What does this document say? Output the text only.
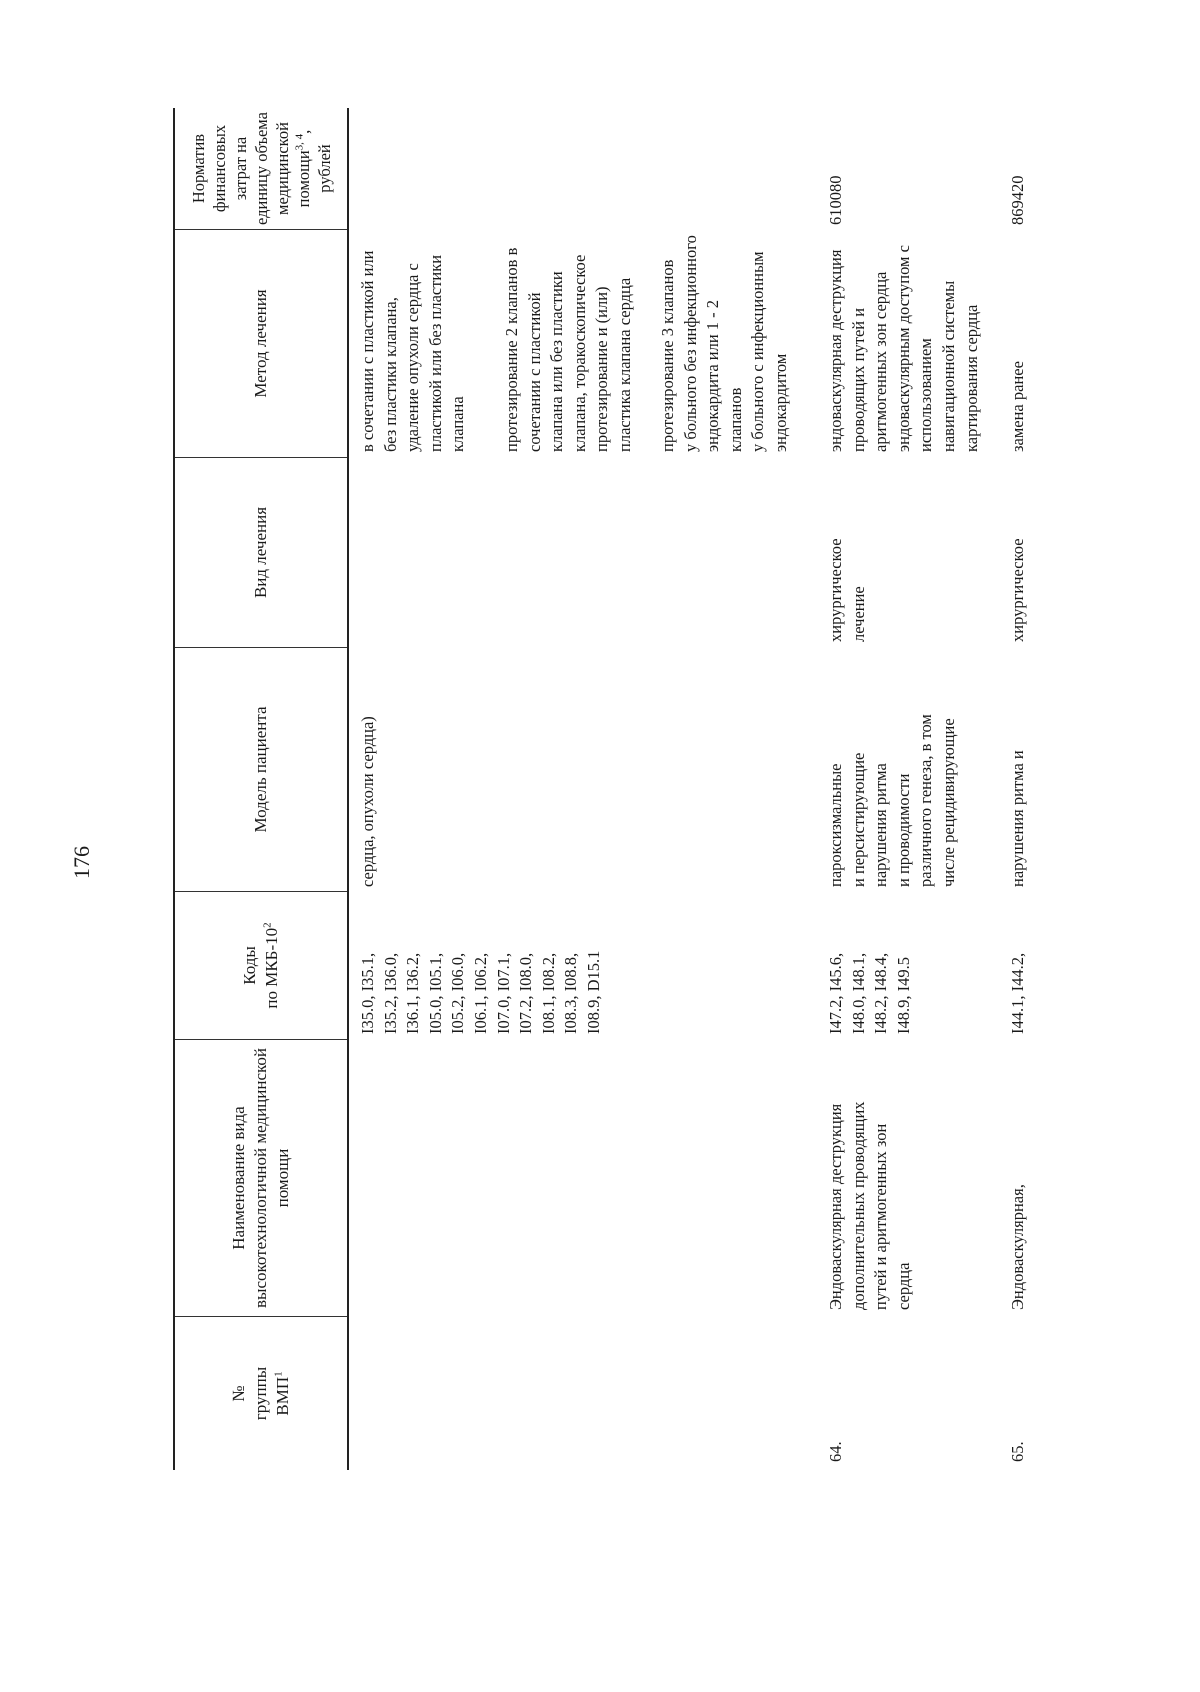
176
№ группы ВМП$^1$
Наименование вида высокотехнологичной медицинской помощи
Коды по МКБ-$10^2$
Модель пациента
Вид лечения
Метод лечения
Норматив финансовых затрат на единицу объема медицинской помощи$^{3, 4}$, рублей
I35.0, I35.1,
I35.2, I36.0,
I36.1, I36.2,
I05.0, I05.1,
I05.2, I06.0,
I06.1, I06.2,
I07.0, I07.1,
I07.2, I08.0,
I08.1, I08.2,
I08.3, I08.8,
I08.9, D15.1
сердца, опухоли сердца)
в сочетании с пластикой или
без пластики клапана,
удаление опухоли сердца с
пластикой или без пластики
клапана протезирование 2 клапанов в
сочетании с пластикой
клапана или без пластики
клапана, торакоскопическое
протезирование и (или)
пластика клапана сердца
протезирование 3 клапанов
у больного без инфекционного
эндокардита или 1 - 2
клапанов
у больного с инфекционным
эндокардитом
64.
Эндоваскулярная деструкция
дополнительных проводящих
путей и аритмогенных зон
сердца
I47.2, I45.6,
I48.0, I48.1,
I48.2, I48.4,
I48.9, I49.5
пароксизмальные
и персистирующие
нарушения ритма
и проводимости
различного генеза, в том
числе рецидивирующие
хирургическое
лечение
эндоваскулярная деструкция
проводящих путей и
аритмогенных зон сердца
эндоваскулярным доступом с
использованием
навигационной системы
картирования сердца
610080
65.
Эндоваскулярная,
I44.1, I44.2,
нарушения ритма и
хирургическое
замена ранее
869420
